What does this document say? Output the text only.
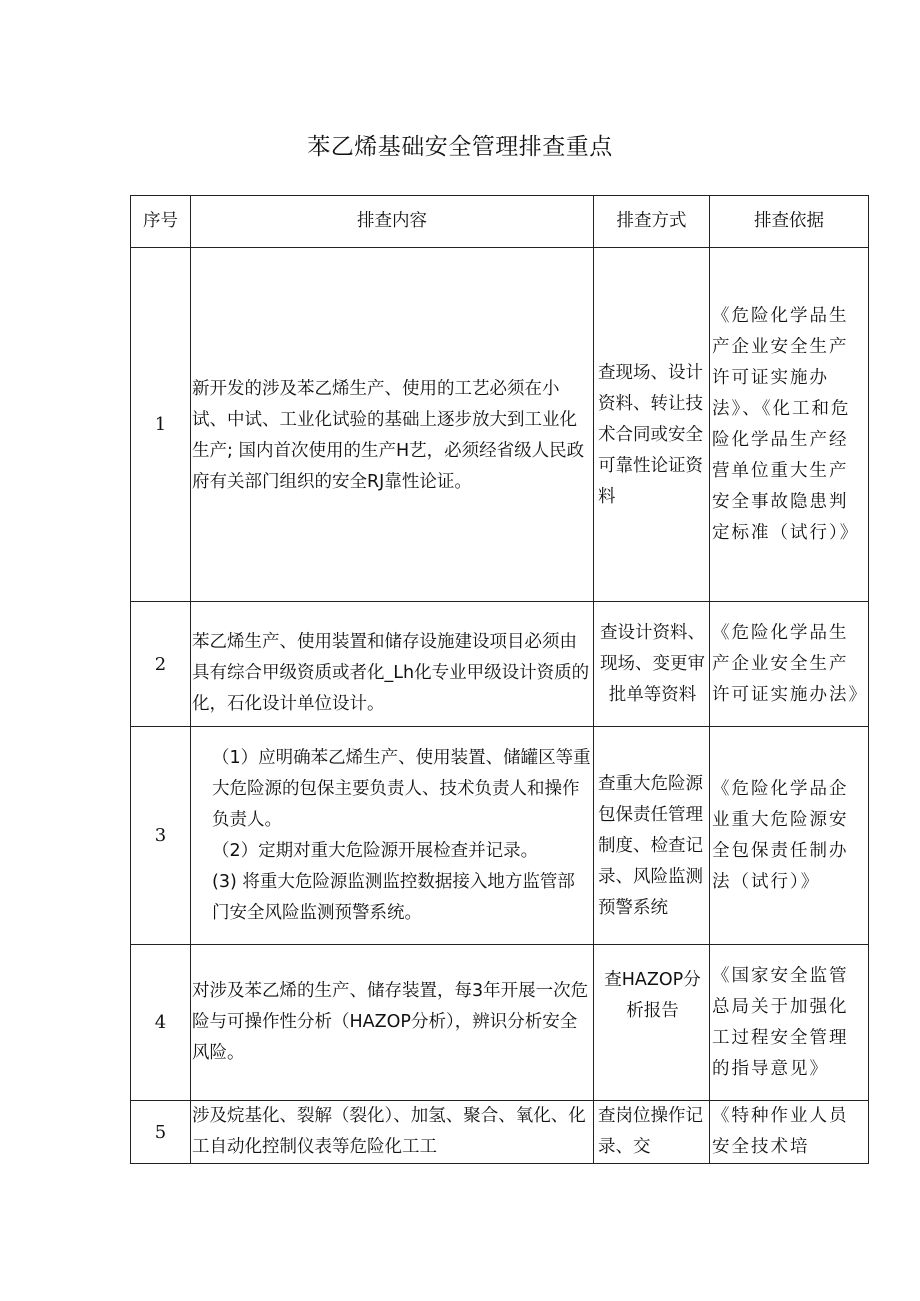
苯乙烯基础安全管理排查重点
序号	排查内容	排查方式	排查依据
1	新开发的涉及苯乙烯生产、使用的工艺必须在小试、中试、工业化试验的基础上逐步放大到工业化生产; 国内首次使用的生产H艺，必须经省级人民政府有关部门组织的安全RJ靠性论证。	查现场、设计资料、转让技术合同或安全可靠性论证资料	《危险化学品生产企业安全生产许可证实施办法》、《化工和危险化学品生产经营单位重大生产安全事故隐患判定标准（试行）》
2	苯乙烯生产、使用装置和储存设施建设项目必须由具有综合甲级资质或者化_Lh化专业甲级设计资质的化，石化设计单位设计。	查设计资料、现场、变更审批单等资料	《危险化学品生产企业安全生产许可证实施办法》
3	（1）应明确苯乙烯生产、使用装置、储罐区等重大危险源的包保主要负责人、技术负责人和操作负责人。
（2）定期对重大危险源开展检查并记录。
(3) 将重大危险源监测监控数据接入地方监管部门安全风险监测预警系统。	查重大危险源包保责任管理制度、检查记录、风险监测预警系统	《危险化学品企业重大危险源安全包保责任制办法（试行）》
4	对涉及苯乙烯的生产、储存装置，每3年开展一次危险与可操作性分析（HAZOP分析），辨识分析安全风险。	查HAZOP分析报告	《国家安全监管总局关于加强化工过程安全管理的指导意见》
5	涉及烷基化、裂解（裂化）、加氢、聚合、氧化、化工自动化控制仪表等危险化工工	查岗位操作记录、交	《特种作业人员安全技术培
